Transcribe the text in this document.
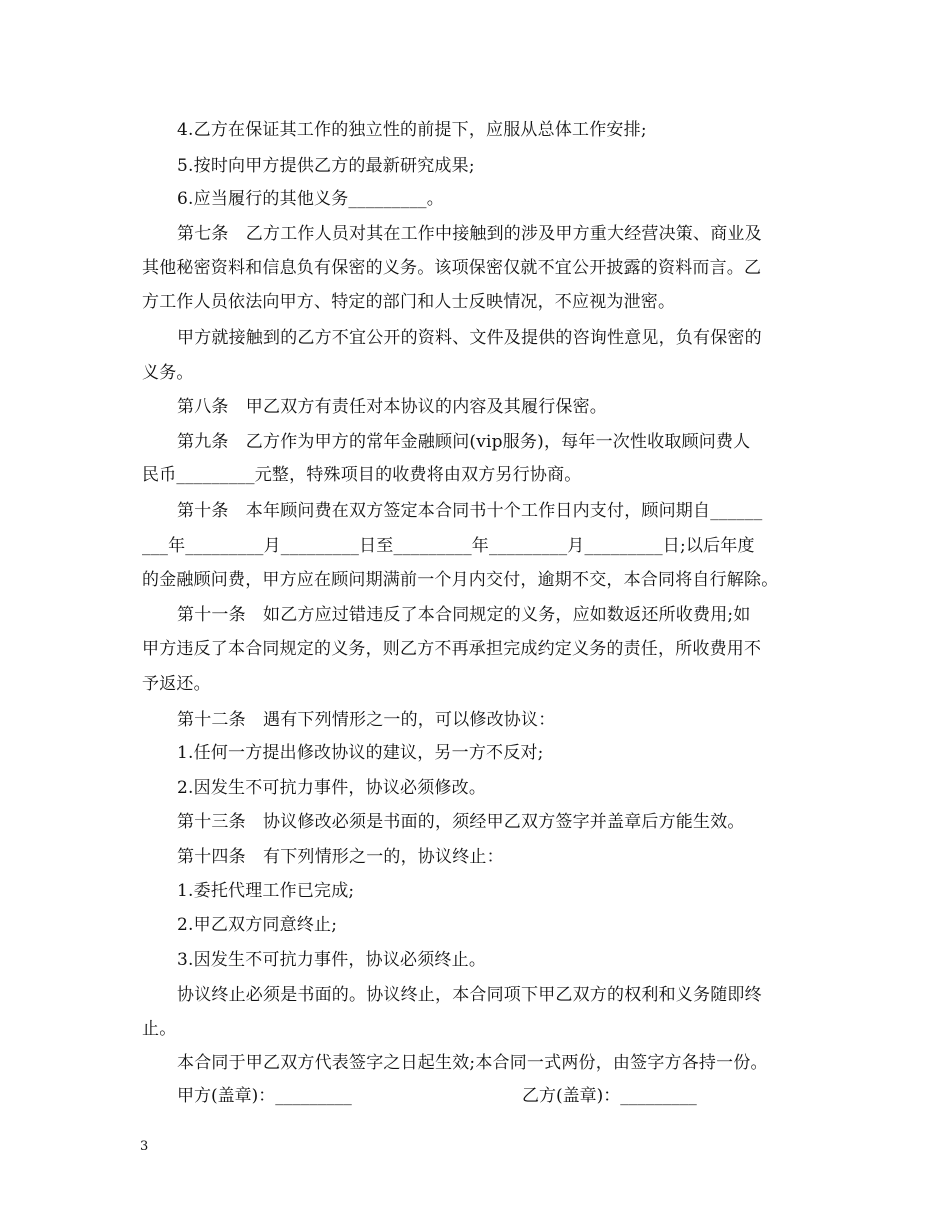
4.乙方在保证其工作的独立性的前提下，应服从总体工作安排;
5.按时向甲方提供乙方的最新研究成果;
6.应当履行的其他义务_________。
第七条　乙方工作人员对其在工作中接触到的涉及甲方重大经营决策、商业及
其他秘密资料和信息负有保密的义务。该项保密仅就不宜公开披露的资料而言。乙
方工作人员依法向甲方、特定的部门和人士反映情况，不应视为泄密。
甲方就接触到的乙方不宜公开的资料、文件及提供的咨询性意见，负有保密的
义务。
第八条　甲乙双方有责任对本协议的内容及其履行保密。
第九条　乙方作为甲方的常年金融顾问(vip服务)，每年一次性收取顾问费人
民币_________元整，特殊项目的收费将由双方另行协商。
第十条　本年顾问费在双方签定本合同书十个工作日内支付，顾问期自______
___年_________月_________日至_________年_________月_________日;以后年度
的金融顾问费，甲方应在顾问期满前一个月内交付，逾期不交，本合同将自行解除。
第十一条　如乙方应过错违反了本合同规定的义务，应如数返还所收费用;如
甲方违反了本合同规定的义务，则乙方不再承担完成约定义务的责任，所收费用不
予返还。
第十二条　遇有下列情形之一的，可以修改协议：
1.任何一方提出修改协议的建议，另一方不反对;
2.因发生不可抗力事件，协议必须修改。
第十三条　协议修改必须是书面的，须经甲乙双方签字并盖章后方能生效。
第十四条　有下列情形之一的，协议终止：
1.委托代理工作已完成;
2.甲乙双方同意终止;
3.因发生不可抗力事件，协议必须终止。
协议终止必须是书面的。协议终止，本合同项下甲乙双方的权利和义务随即终
止。
本合同于甲乙双方代表签字之日起生效;本合同一式两份，由签字方各持一份。
甲方(盖章)：_________	乙方(盖章)：_________
3
